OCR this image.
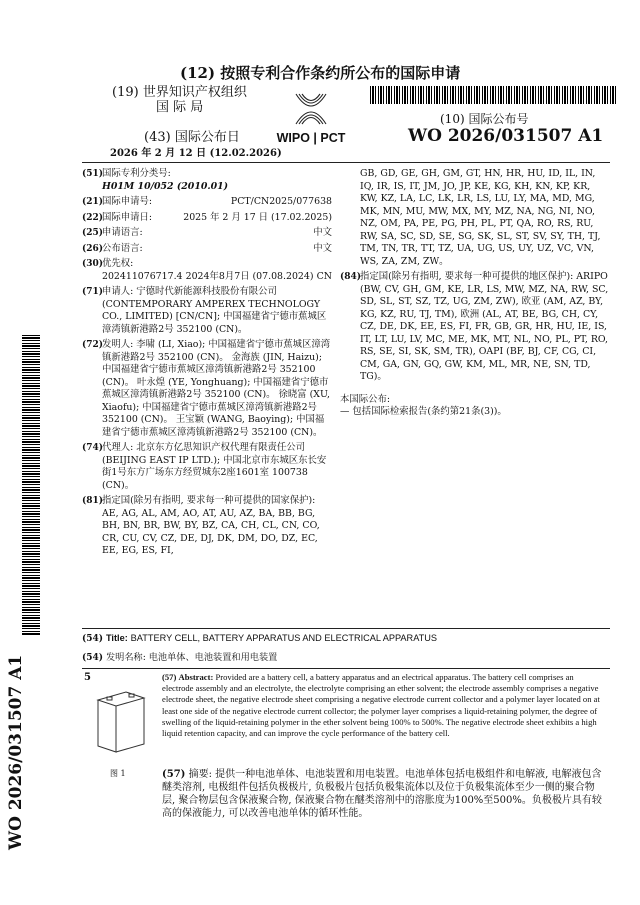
(12) 按照专利合作条约所公布的国际申请
(19) 世界知识产权组织
国 际 局
WIPO | PCT
(43) 国际公布日
2026 年 2 月 12 日 (12.02.2026)
(10) 国际公布号
WO 2026/031507 A1
(51)
国际专利分类号:
H01M 10/052 (2010.01)
(21)
国际申请号:	PCT/CN2025/077638
(22)
国际申请日:	2025 年 2 月 17 日 (17.02.2025)
(25)
申请语言:	中文
(26)
公布语言:	中文
(30)
优先权:
202411076717.4 2024年8月7日 (07.08.2024) CN
(71)
申请人: 宁德时代新能源科技股份有限公司 (CONTEMPORARY AMPEREX TECHNOLOGY CO., LIMITED) [CN/CN]; 中国福建省宁德市蕉城区漳湾镇新港路2号 352100 (CN)。
(72)
发明人: 李啸 (LI, Xiao); 中国福建省宁德市蕉城区漳湾镇新港路2号 352100 (CN)。 金海族 (JIN, Haizu); 中国福建省宁德市蕉城区漳湾镇新港路2号 352100 (CN)。 叶永煌 (YE, Yonghuang); 中国福建省宁德市蕉城区漳湾镇新港路2号 352100 (CN)。 徐晓富 (XU, Xiaofu); 中国福建省宁德市蕉城区漳湾镇新港路2号 352100 (CN)。 王宝颖 (WANG, Baoying); 中国福建省宁德市蕉城区漳湾镇新港路2号 352100 (CN)。
(74)
代理人: 北京东方亿思知识产权代理有限责任公司 (BEIJING EAST IP LTD.); 中国北京市东城区东长安街1号东方广场东方经贸城东2座1601室 100738 (CN)。
(81)
指定国(除另有指明, 要求每一种可提供的国家保护): AE, AG, AL, AM, AO, AT, AU, AZ, BA, BB, BG, BH, BN, BR, BW, BY, BZ, CA, CH, CL, CN, CO, CR, CU, CV, CZ, DE, DJ, DK, DM, DO, DZ, EC, EE, EG, ES, FI,
GB, GD, GE, GH, GM, GT, HN, HR, HU, ID, IL, IN, IQ, IR, IS, IT, JM, JO, JP, KE, KG, KH, KN, KP, KR, KW, KZ, LA, LC, LK, LR, LS, LU, LY, MA, MD, MG, MK, MN, MU, MW, MX, MY, MZ, NA, NG, NI, NO, NZ, OM, PA, PE, PG, PH, PL, PT, QA, RO, RS, RU, RW, SA, SC, SD, SE, SG, SK, SL, ST, SV, SY, TH, TJ, TM, TN, TR, TT, TZ, UA, UG, US, UY, UZ, VC, VN, WS, ZA, ZM, ZW。
(84)
指定国(除另有指明, 要求每一种可提供的地区保护): ARIPO (BW, CV, GH, GM, KE, LR, LS, MW, MZ, NA, RW, SC, SD, SL, ST, SZ, TZ, UG, ZM, ZW), 欧亚 (AM, AZ, BY, KG, KZ, RU, TJ, TM), 欧洲 (AL, AT, BE, BG, CH, CY, CZ, DE, DK, EE, ES, FI, FR, GB, GR, HR, HU, IE, IS, IT, LT, LU, LV, MC, ME, MK, MT, NL, NO, PL, PT, RO, RS, SE, SI, SK, SM, TR), OAPI (BF, BJ, CF, CG, CI, CM, GA, GN, GQ, GW, KM, ML, MR, NE, SN, TD, TG)。
本国际公布:
— 包括国际检索报告(条约第21条(3))。
WO 2026/031507 A1
(54) Title: BATTERY CELL, BATTERY APPARATUS AND ELECTRICAL APPARATUS
(54) 发明名称: 电池单体、电池装置和用电装置
5
图 1
(57) Abstract: Provided are a battery cell, a battery apparatus and an electrical apparatus. The battery cell comprises an electrode assembly and an electrolyte, the electrolyte comprising an ether solvent; the electrode assembly comprises a negative electrode sheet, the negative electrode sheet comprising a negative electrode current collector and a polymer layer located on at least one side of the negative electrode current collector; the polymer layer comprises a liquid-retaining polymer, the degree of swelling of the liquid-retaining polymer in the ether solvent being 100% to 500%. The negative electrode sheet exhibits a high liquid retention capacity, and can improve the cycle performance of the battery cell.
(57) 摘要: 提供一种电池单体、电池装置和用电装置。电池单体包括电极组件和电解液, 电解液包含醚类溶剂, 电极组件包括负极极片, 负极极片包括负极集流体以及位于负极集流体至少一侧的聚合物层, 聚合物层包含保液聚合物, 保液聚合物在醚类溶剂中的溶胀度为100%至500%。负极极片具有较高的保液能力, 可以改善电池单体的循环性能。
